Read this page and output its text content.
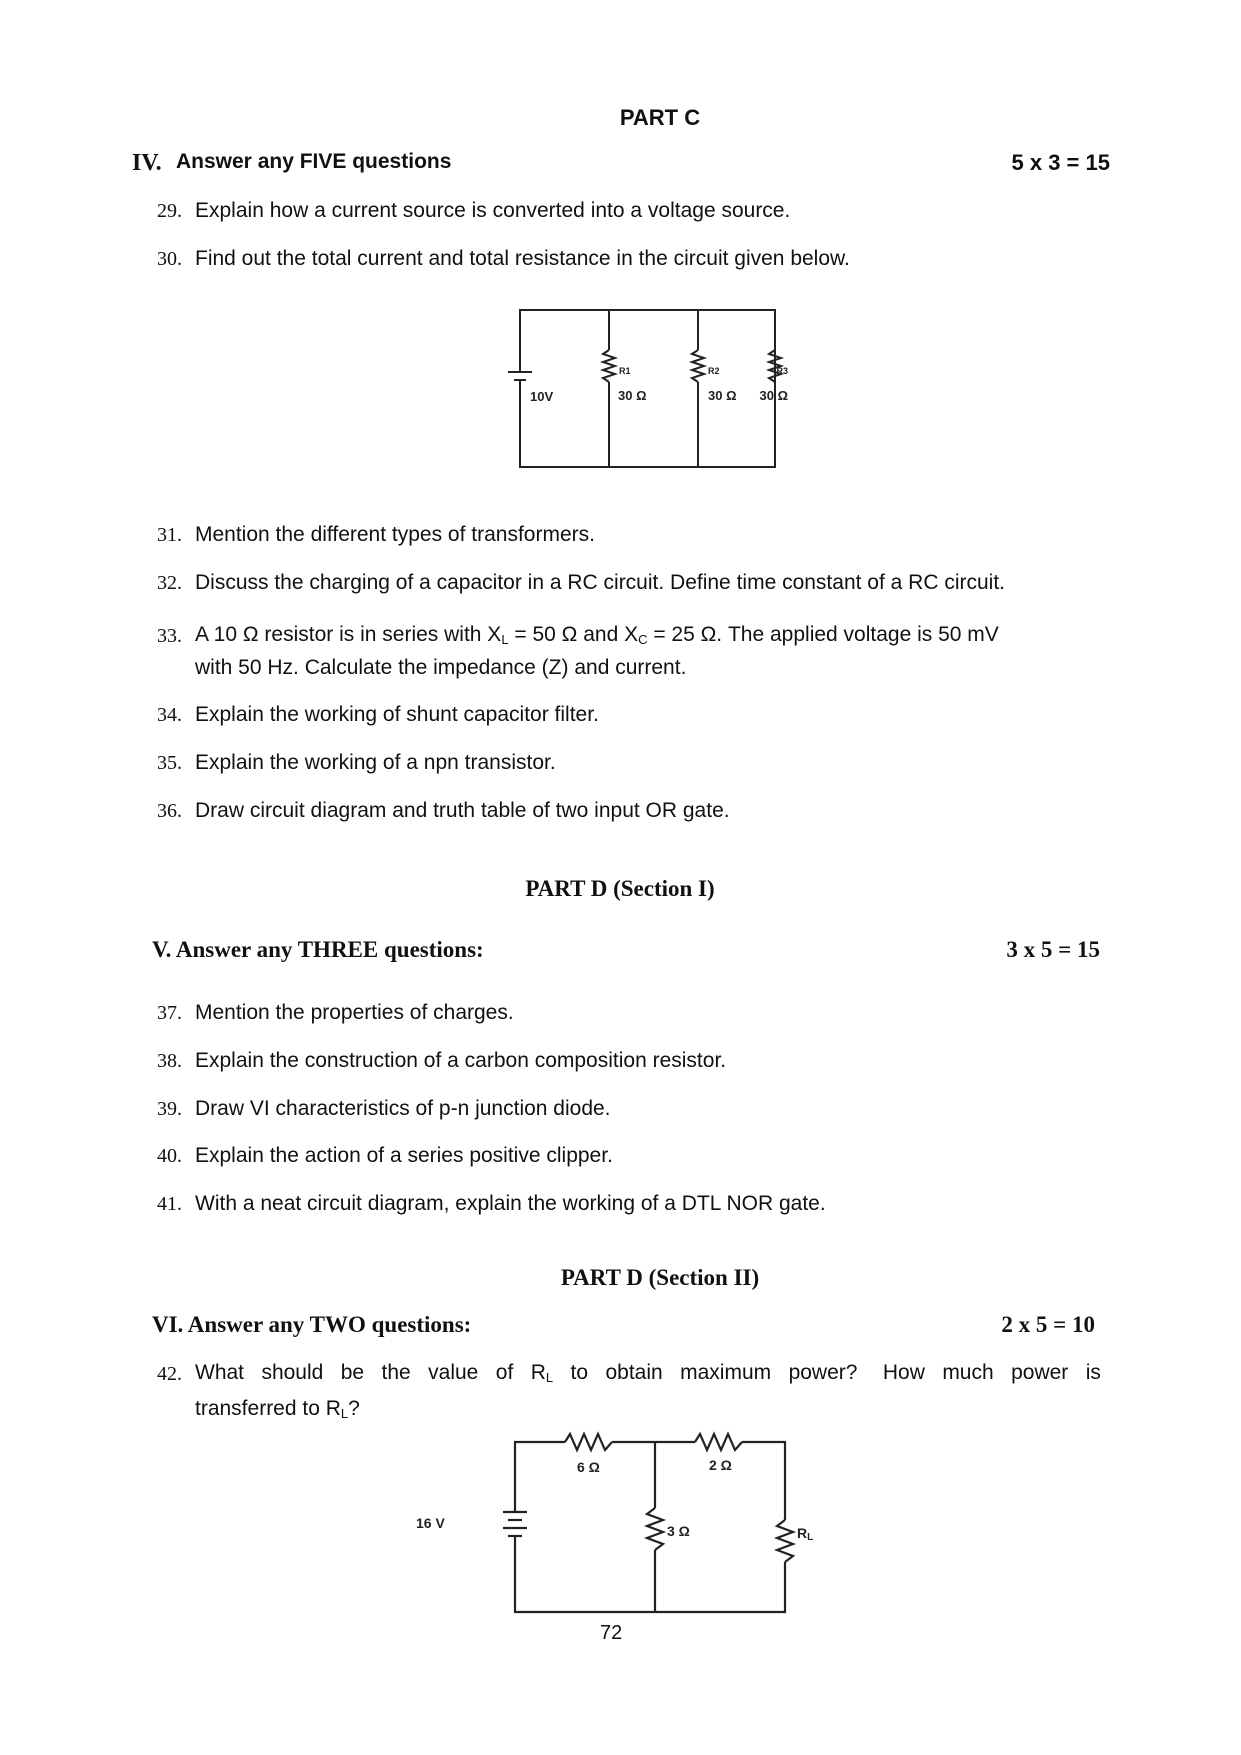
PART C
IV. Answer any FIVE questions	5 x 3 = 15
29. Explain how a current source is converted into a voltage source.
30. Find out the total current and total resistance in the circuit given below.
10V
R1
30 Ω
R2
30 Ω
R3
30 Ω
31. Mention the different types of transformers.
32. Discuss the charging of a capacitor in a RC circuit. Define time constant of a RC circuit.
33. A 10 Ω resistor is in series with $X_L = 50$ Ω and $X_C = 25$ Ω. The applied voltage is 50 mV
with 50 Hz. Calculate the impedance (Z) and current.
34. Explain the working of shunt capacitor filter.
35. Explain the working of a npn transistor.
36. Draw circuit diagram and truth table of two input OR gate.
PART D (Section I)
V. Answer any THREE questions:	3 x 5 = 15
37. Mention the properties of charges.
38. Explain the construction of a carbon composition resistor.
39. Draw VI characteristics of p-n junction diode.
40. Explain the action of a series positive clipper.
41. With a neat circuit diagram, explain the working of a DTL NOR gate.
PART D (Section II)
VI. Answer any TWO questions:	2 x 5 = 10
42. What should be the value of $R_L$ to obtain maximum power? How much power is
transferred to $R_L$?
16 V
6 Ω	2 Ω
3 Ω	RL
72
